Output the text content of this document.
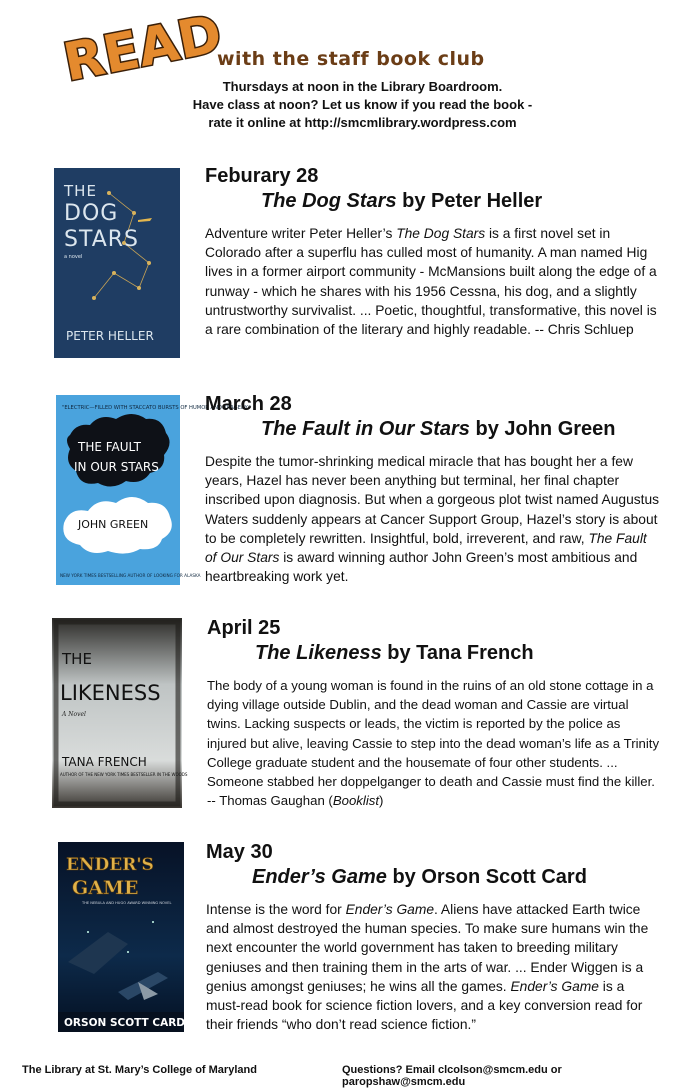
READ
with the staff book club
Thursdays at noon in the Library Boardroom.
Have class at noon? Let us know if you read the book -
rate it online at http://smcmlibrary.wordpress.com
THE
DOG
STARS
a novel
PETER HELLER
Feburary 28
The Dog Stars by Peter Heller
Adventure writer Peter Heller’s The Dog Stars is a first novel set in Colorado after a superflu has culled most of humanity. A man named Hig lives in a former airport community - McMansions built along the edge of a runway - which he shares with his 1956 Cessna, his dog, and a slightly untrustworthy survivalist. ... Poetic, thoughtful, transformative, this novel is a rare combination of the literary and highly readable. -- Chris Schluep
"ELECTRIC—FILLED WITH STACCATO BURSTS OF HUMOR AND TRAGEDY."
THE FAULT
IN OUR STARS
JOHN GREEN
NEW YORK TIMES BESTSELLING AUTHOR OF LOOKING FOR ALASKA
March 28
The Fault in Our Stars by John Green
Despite the tumor-shrinking medical miracle that has bought her a few years, Hazel has never been anything but terminal, her final chapter inscribed upon diagnosis. But when a gorgeous plot twist named Augustus Waters suddenly appears at Cancer Support Group, Hazel’s story is about to be completely rewritten. Insightful, bold, irreverent, and raw, The Fault of Our Stars is award winning author John Green’s most ambitious and heartbreaking work yet.
THE
LIKENESS
A Novel
TANA FRENCH
AUTHOR OF THE NEW YORK TIMES BESTSELLER IN THE WOODS
April 25
The Likeness by Tana French
The body of a young woman is found in the ruins of an old stone cottage in a dying village outside Dublin, and the dead woman and Cassie are virtual twins. Lacking suspects or leads, the victim is reported by the police as injured but alive, leaving Cassie to step into the dead woman’s life as a Trinity College graduate student and the housemate of four other students. ... Someone stabbed her doppelganger to death and Cassie must find the killer. -- Thomas Gaughan (Booklist)
ENDER'S
GAME
THE NEBULA AND HUGO AWARD WINNING NOVEL
ORSON SCOTT CARD
May 30
Ender’s Game by Orson Scott Card
Intense is the word for Ender’s Game. Aliens have attacked Earth twice and almost destroyed the human species. To make sure humans win the next encounter the world government has taken to breeding military geniuses and then training them in the arts of war. ... Ender Wiggen is a genius amongst geniuses; he wins all the games. Ender’s Game is a must-read book for science fiction lovers, and a key conversion read for their friends “who don’t read science fiction.”
The Library at St. Mary’s College of Maryland	Questions? Email clcolson@smcm.edu or paropshaw@smcm.edu
